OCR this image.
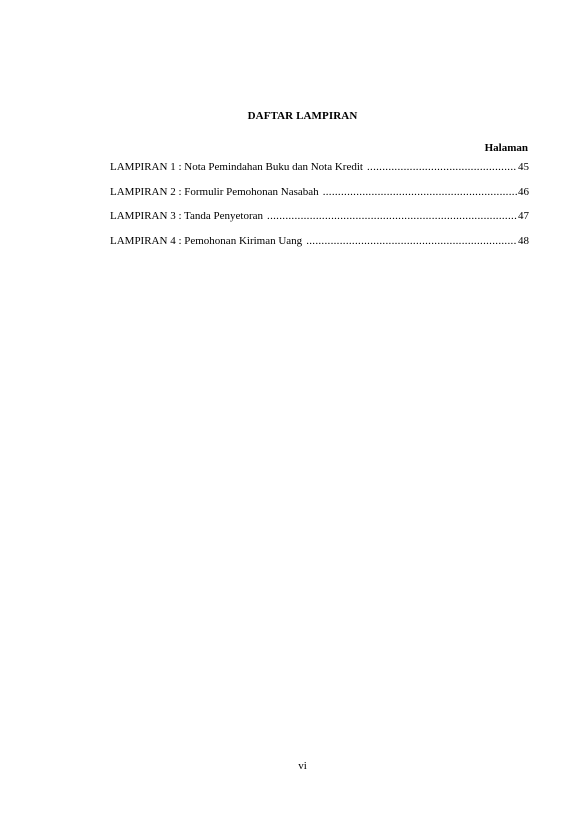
DAFTAR LAMPIRAN
Halaman
LAMPIRAN 1 : Nota Pemindahan Buku dan Nota Kredit .....	45
LAMPIRAN 2 : Formulir Pemohonan Nasabah .....	46
LAMPIRAN 3 : Tanda Penyetoran .....	47
LAMPIRAN 4 : Pemohonan Kiriman Uang .....	48
vi
